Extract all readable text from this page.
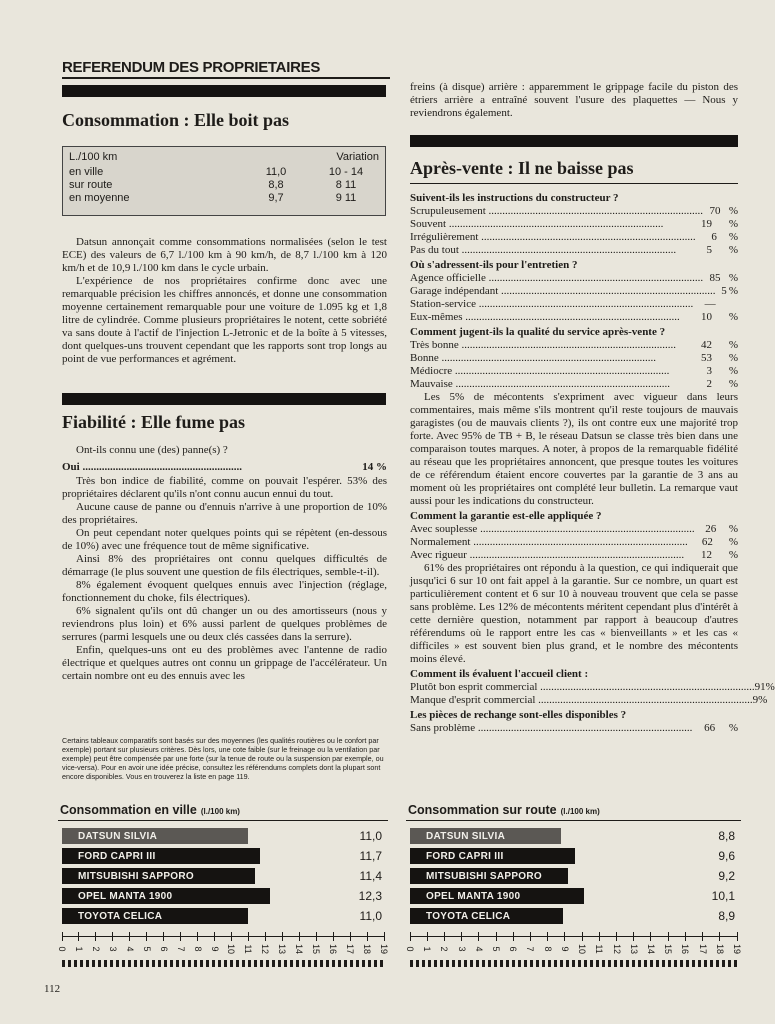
REFERENDUM DES PROPRIETAIRES
Consommation : Elle boit pas
L./100 km	Variation
en ville	11,0	10 - 14
sur route	8,8	8 11
en moyenne	9,7	9 11

Datsun annonçait comme consommations normalisées (selon le test ECE) des valeurs de 6,7 l./100 km à 90 km/h, de 8,7 l./100 km à 120 km/h et de 10,9 l./100 km dans le cycle urbain.

L'expérience de nos propriétaires confirme donc avec une remarquable précision les chiffres annoncés, et donne une consommation moyenne certainement remarquable pour une voiture de 1.095 kg et 1,8 litre de cylindrée. Comme plusieurs propriétaires le notent, cette sobriété va sans doute à l'actif de l'injection L-Jetronic et de la boîte à 5 vitesses, dont quelques-uns trouvent cependant que les rapports sont trop longs au point de vue performances et agrément.

Fiabilité : Elle fume pas

Ont-ils connu une (des) panne(s) ?

Oui ..........................................................	14 %

Très bon indice de fiabilité, comme on pouvait l'espérer. 53% des propriétaires déclarent qu'ils n'ont connu aucun ennui du tout.

Aucune cause de panne ou d'ennuis n'arrive à une proportion de 10% des propriétaires.

On peut cependant noter quelques points qui se répètent (en-dessous de 10%) avec une fréquence tout de même significative.

Ainsi 8% des propriétaires ont connu quelques difficultés de démarrage (le plus souvent une question de fils électriques, semble-t-il).

8% également évoquent quelques ennuis avec l'injection (réglage, fonctionnement du choke, fils électriques).

6% signalent qu'ils ont dû changer un ou des amortisseurs (nous y reviendrons plus loin) et 6% aussi parlent de quelques problèmes de serrures (parmi lesquels une ou deux clés cassées dans la serrure).

Enfin, quelques-uns ont eu des problèmes avec l'antenne de radio électrique et quelques autres ont connu un grippage de l'accélérateur. Un certain nombre ont eu des ennuis avec les

Certains tableaux comparatifs sont basés sur des moyennes (les qualités routières ou le confort par exemple) portant sur plusieurs critères. Dès lors, une cote faible (sur le freinage ou la ventilation par exemple) peut être compensée par une forte (sur la tenue de route ou la suspension par exemple, ou vice-versa). Pour en avoir une idée précise, consultez les référendums complets dont la plupart sont encore disponibles. Vous en trouverez la liste en page 119.
freins (à disque) arrière : apparemment le grippage facile du piston des étriers arrière a entraîné souvent l'usure des plaquettes — Nous y reviendrons également.
Après-vente : Il ne baisse pas
Suivent-ils les instructions du constructeur ?
Scrupuleusement .............................................................................. 70 %
Souvent ..............................................................................	19	%
Irrégulièrement ..............................................................................	6	%
Pas du tout ..............................................................................	5	%
Où s'adressent-ils pour l'entretien ?
Agence officielle .............................................................................. 85 %
Garage indépendant .............................................................................. 5 %
Station-service ..............................................................................	—
Eux-mêmes ..............................................................................	10	%
Comment jugent-ils la qualité du service après-vente ?
Très bonne ..............................................................................	42	%
Bonne ..............................................................................	53	%
Médiocre ..............................................................................	3	%
Mauvaise ..............................................................................	2	%

Les 5% de mécontents s'expriment avec vigueur dans leurs commentaires, mais même s'ils montrent qu'il reste toujours de mauvais garagistes (ou de mauvais clients ?), ils ont contre eux une majorité trop forte. Avec 95% de TB + B, le réseau Datsun se classe très bien dans une comparaison toutes marques. A noter, à propos de la remarquable fidélité au réseau que les propriétaires annoncent, que presque toutes les voitures de ce référendum étaient encore couvertes par la garantie de 3 ans au moment où les propriétaires ont complété leur bulletin. La remarque vaut aussi pour les indications du constructeur.

Comment la garantie est-elle appliquée ?
Avec souplesse .............................................................................. 26	%
Normalement ..............................................................................	62	%
Avec rigueur ..............................................................................	12	%

61% des propriétaires ont répondu à la question, ce qui indiquerait que jusqu'ici 6 sur 10 ont fait appel à la garantie. Sur ce nombre, un quart est particulièrement content et 6 sur 10 à nouveau trouvent que cela se passe sans problème. Les 12% de mécontents méritent cependant plus d'intérêt à cette dernière question, notamment par rapport à beaucoup d'autres référendums où le rapport entre les cas « bienveillants » et les cas « difficiles » est souvent bien plus grand, et le nombre des mécontents moins élevé.

Comment ils évaluent l'accueil client :
Plutôt bon esprit commercial .............................................................................. 91 %
Manque d'esprit commercial .............................................................................. 9 %
Les pièces de rechange sont-elles disponibles ?
Sans problème ..............................................................................	66	%
Consommation en ville (l./100 km)
DATSUN SILVIA	11,0
FORD CAPRI III	11,7
MITSUBISHI SAPPORO	11,4
OPEL MANTA 1900	12,3
TOYOTA CELICA	11,0
0 1 2 3 4 5 6 7 8 9 10 11 12 13 14 15 16 17 18 19
Consommation sur route (l./100 km)
DATSUN SILVIA	8,8
FORD CAPRI III	9,6
MITSUBISHI SAPPORO	9,2
OPEL MANTA 1900	10,1
TOYOTA CELICA	8,9
0 1 2 3 4 5 6 7 8 9 10 11 12 13 14 15 16 17 18 19
112
